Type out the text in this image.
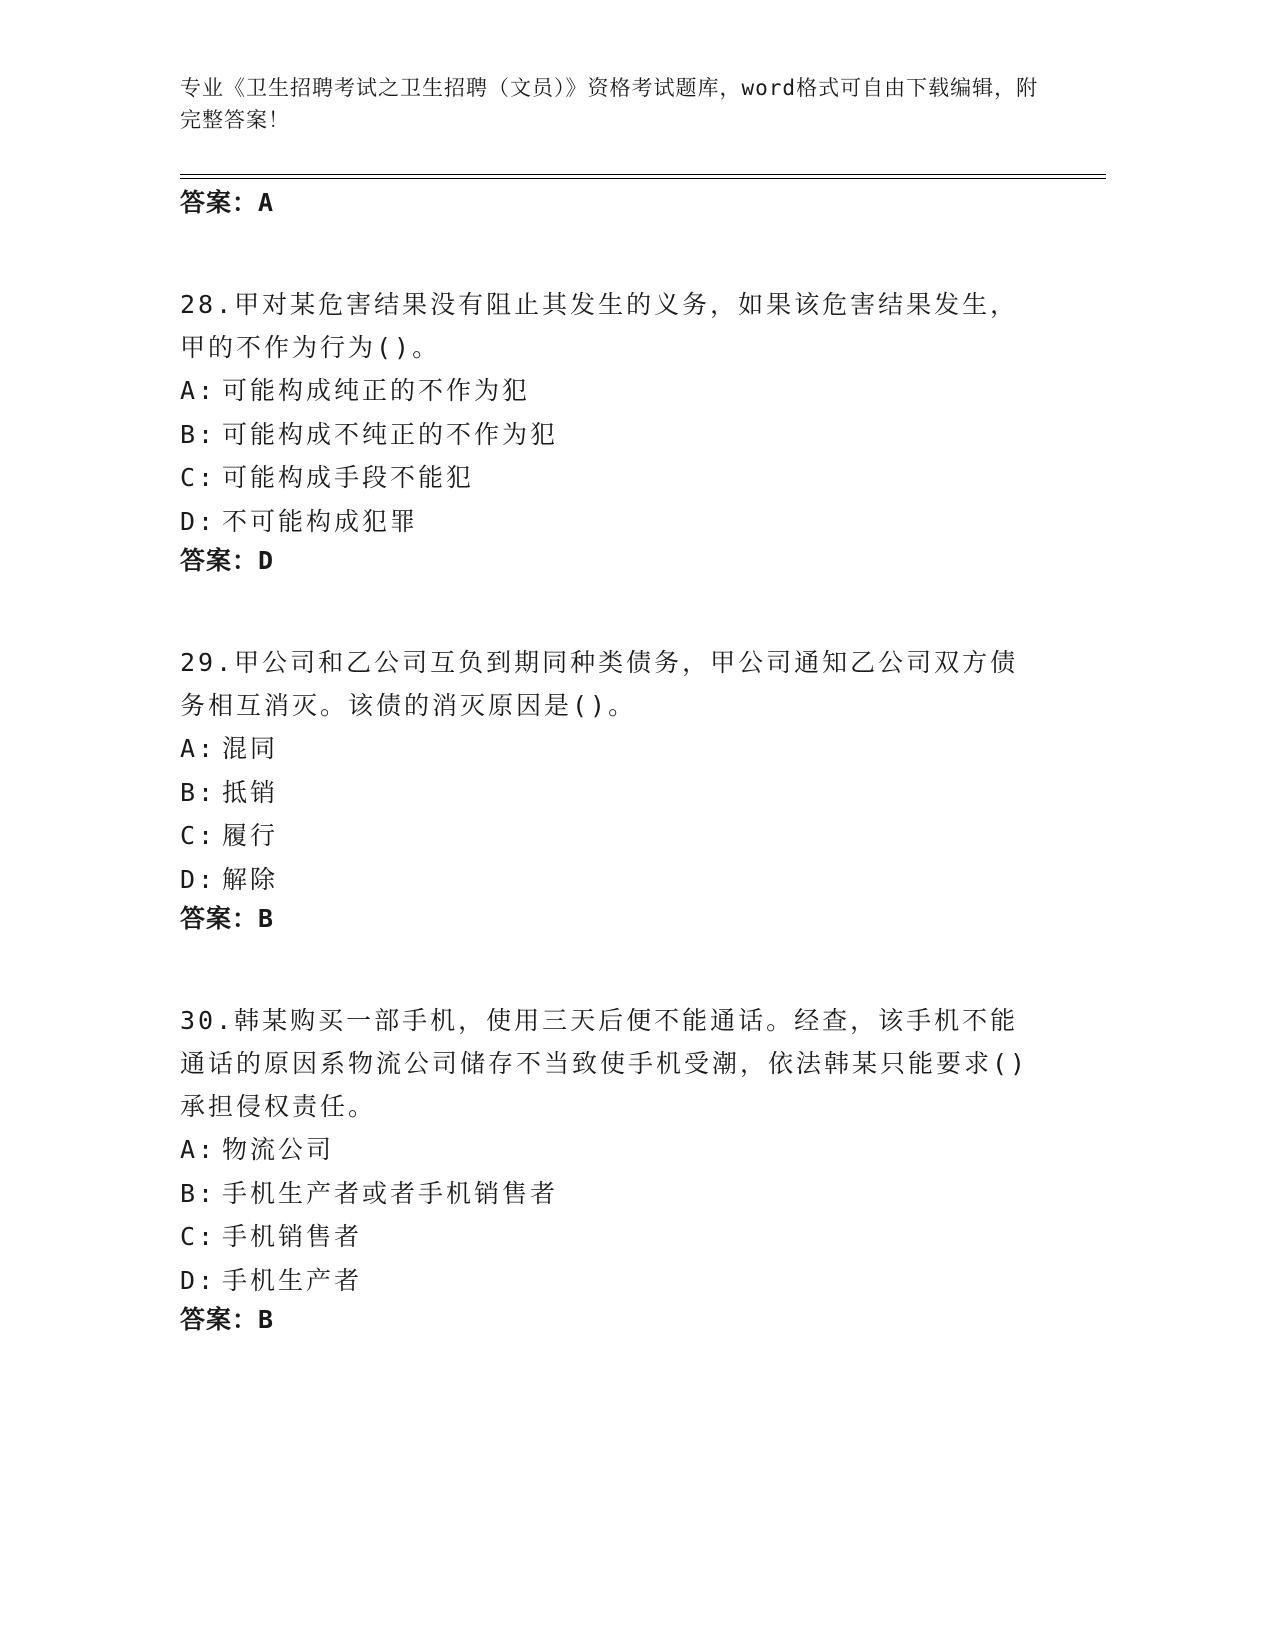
专业《卫生招聘考试之卫生招聘（文员）》资格考试题库，word格式可自由下载编辑，附完整答案！
答案：A

28.甲对某危害结果没有阻止其发生的义务，如果该危害结果发生，甲的不作为行为()。

A: 可能构成纯正的不作为犯
B: 可能构成不纯正的不作为犯
C: 可能构成手段不能犯
D: 不可能构成犯罪
答案：D

29.甲公司和乙公司互负到期同种类债务，甲公司通知乙公司双方债务相互消灭。该债的消灭原因是()。

A: 混同
B: 抵销
C: 履行
D: 解除
答案：B

30.韩某购买一部手机，使用三天后便不能通话。经查，该手机不能通话的原因系物流公司储存不当致使手机受潮，依法韩某只能要求()承担侵权责任。

A: 物流公司
B: 手机生产者或者手机销售者
C: 手机销售者
D: 手机生产者
答案：B
